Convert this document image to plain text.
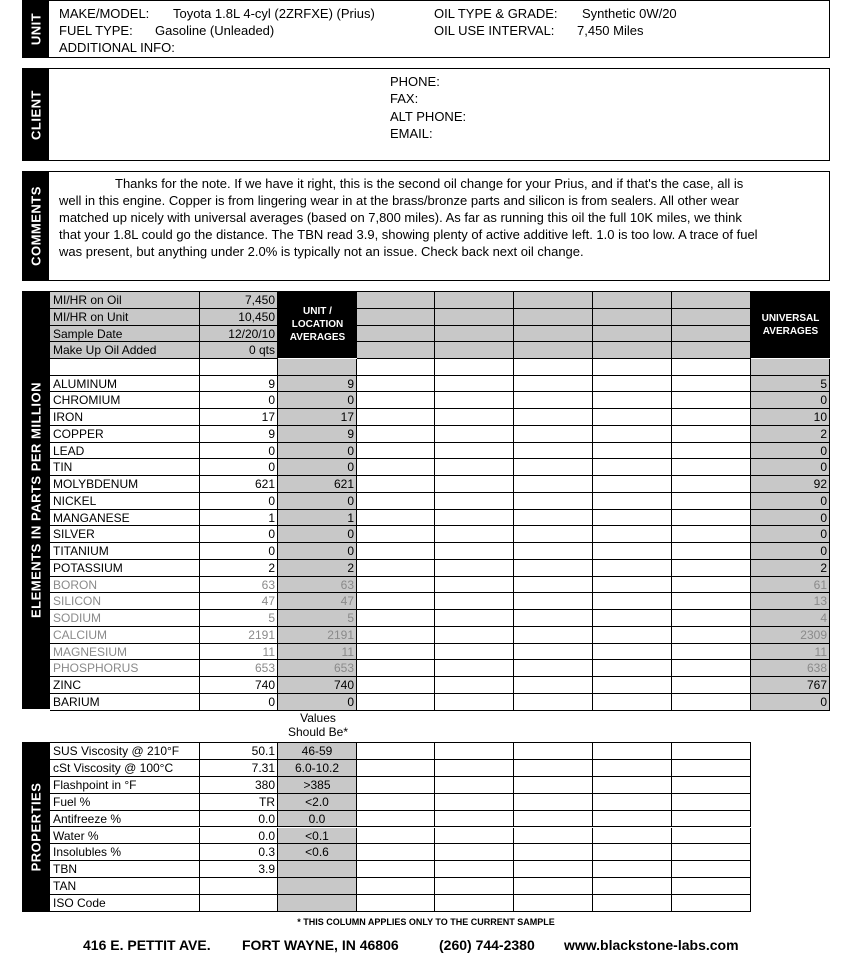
UNIT MAKE/MODEL: Toyota 1.8L 4-cyl (2ZRFXE) (Prius)
FUEL TYPE: Gasoline (Unleaded)
ADDITIONAL INFO:
OIL TYPE & GRADE: Synthetic 0W/20
OIL USE INTERVAL: 7,450 Miles
CLIENT
PHONE:
FAX:
ALT PHONE:
EMAIL:
COMMENTS
Thanks for the note. If we have it right, this is the second oil change for your Prius, and if that's the case, all is well in this engine. Copper is from lingering wear in at the brass/bronze parts and silicon is from sealers. All other wear matched up nicely with universal averages (based on 7,800 miles). As far as running this oil the full 10K miles, we think that your 1.8L could go the distance. The TBN read 3.9, showing plenty of active additive left. 1.0 is too low. A trace of fuel was present, but anything under 2.0% is typically not an issue. Check back next oil change.
ELEMENTS IN PARTS PER MILLION
UNIT / LOCATION AVERAGES
UNIVERSAL AVERAGES
MI/HR on Oil	7,450
MI/HR on Unit	10,450
Sample Date	12/20/10
Make Up Oil Added	0 qts
ALUMINUM	9	9	5
CHROMIUM	0	0	0
IRON	17	17	10
COPPER	9	9	2
LEAD	0	0	0
TIN	0	0	0
MOLYBDENUM	621	621	92
NICKEL	0	0	0
MANGANESE	1	1	0
SILVER	0	0	0
TITANIUM	0	0	0
POTASSIUM	2	2	2
BORON	63	63	61
SILICON	47	47	13
SODIUM	5	5	4
CALCIUM	2191	2191	2309
MAGNESIUM	11	11	11
PHOSPHORUS	653	653	638
ZINC	740	740	767
BARIUM	0	0	0
SUS Viscosity @ 210°F	50.1	46-59
cSt Viscosity @ 100°C	7.31	6.0-10.2
Flashpoint in °F	380	>385
Fuel %	TR	<2.0
Antifreeze %	0.0	0.0
Water %	0.0	<0.1
Insolubles %	0.3	<0.6
TBN	3.9
TAN
ISO Code
Values Should Be*
PROPERTIES
* THIS COLUMN APPLIES ONLY TO THE CURRENT SAMPLE
416 E. PETTIT AVE. FORT WAYNE, IN 46806	(260) 744-2380 www.blackstone-labs.com
